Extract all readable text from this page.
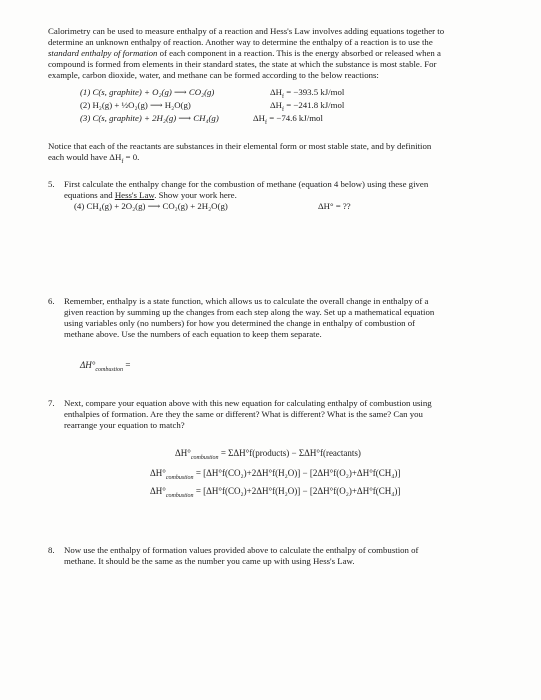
Calorimetry can be used to measure enthalpy of a reaction and Hess's Law involves adding equations together to
determine an unknown enthalpy of reaction. Another way to determine the enthalpy of a reaction is to use the
standard enthalpy of formation of each component in a reaction. This is the energy absorbed or released when a
compound is formed from elements in their standard states, the state at which the substance is most stable. For
example, carbon dioxide, water, and methane can be formed according to the below reactions:
(1) C(s, graphite) + O₂(g) ⟶ CO₂(g)	$\Delta H_f = -393.5$ kJ/mol
(2) H₂(g) + ½O₂(g) ⟶ H₂O(g)	$\Delta H_f = -241.8$ kJ/mol
(3) C(s, graphite) + 2H₂(g) ⟶ CH₄(g)	$\Delta H_f = -74.6$ kJ/mol
Notice that each of the reactants are substances in their elemental form or most stable state, and by definition
each would have $\Delta H_f = 0$.
5. First calculate the enthalpy change for the combustion of methane (equation 4 below) using these given
equations and Hess's Law. Show your work here.
(4) CH₄(g) + 2O₂(g) ⟶ CO₂(g) + 2H₂O(g)	ΔH° = ??
6. Remember, enthalpy is a state function, which allows us to calculate the overall change in enthalpy of a
given reaction by summing up the changes from each step along the way. Set up a mathematical equation
using variables only (no numbers) for how you determined the change in enthalpy of combustion of
methane above. Use the numbers of each equation to keep them separate.
$\Delta H^\circ_{combustion}$ =
7. Next, compare your equation above with this new equation for calculating enthalpy of combustion using
enthalpies of formation. Are they the same or different? What is different? What is the same? Can you
rearrange your equation to match?
$\Delta H^\circ_{combustion}$ = ΣΔH°f(products) − ΣΔH°f(reactants)
$\Delta H^\circ_{combustion} = [\Delta H^\circ f(CO_2)+2\Delta H^\circ f(H_2O)] - [2\Delta H^\circ f(O_2)+\Delta H^\circ f(CH_4)]$
$\Delta H^\circ_{combustion} = [\Delta H^\circ f(CO_2)+2\Delta H^\circ f(H_2O)] - [2\Delta H^\circ f(O_2)+\Delta H^\circ f(CH_4)]$
8. Now use the enthalpy of formation values provided above to calculate the enthalpy of combustion of
methane. It should be the same as the number you came up with using Hess's Law.
